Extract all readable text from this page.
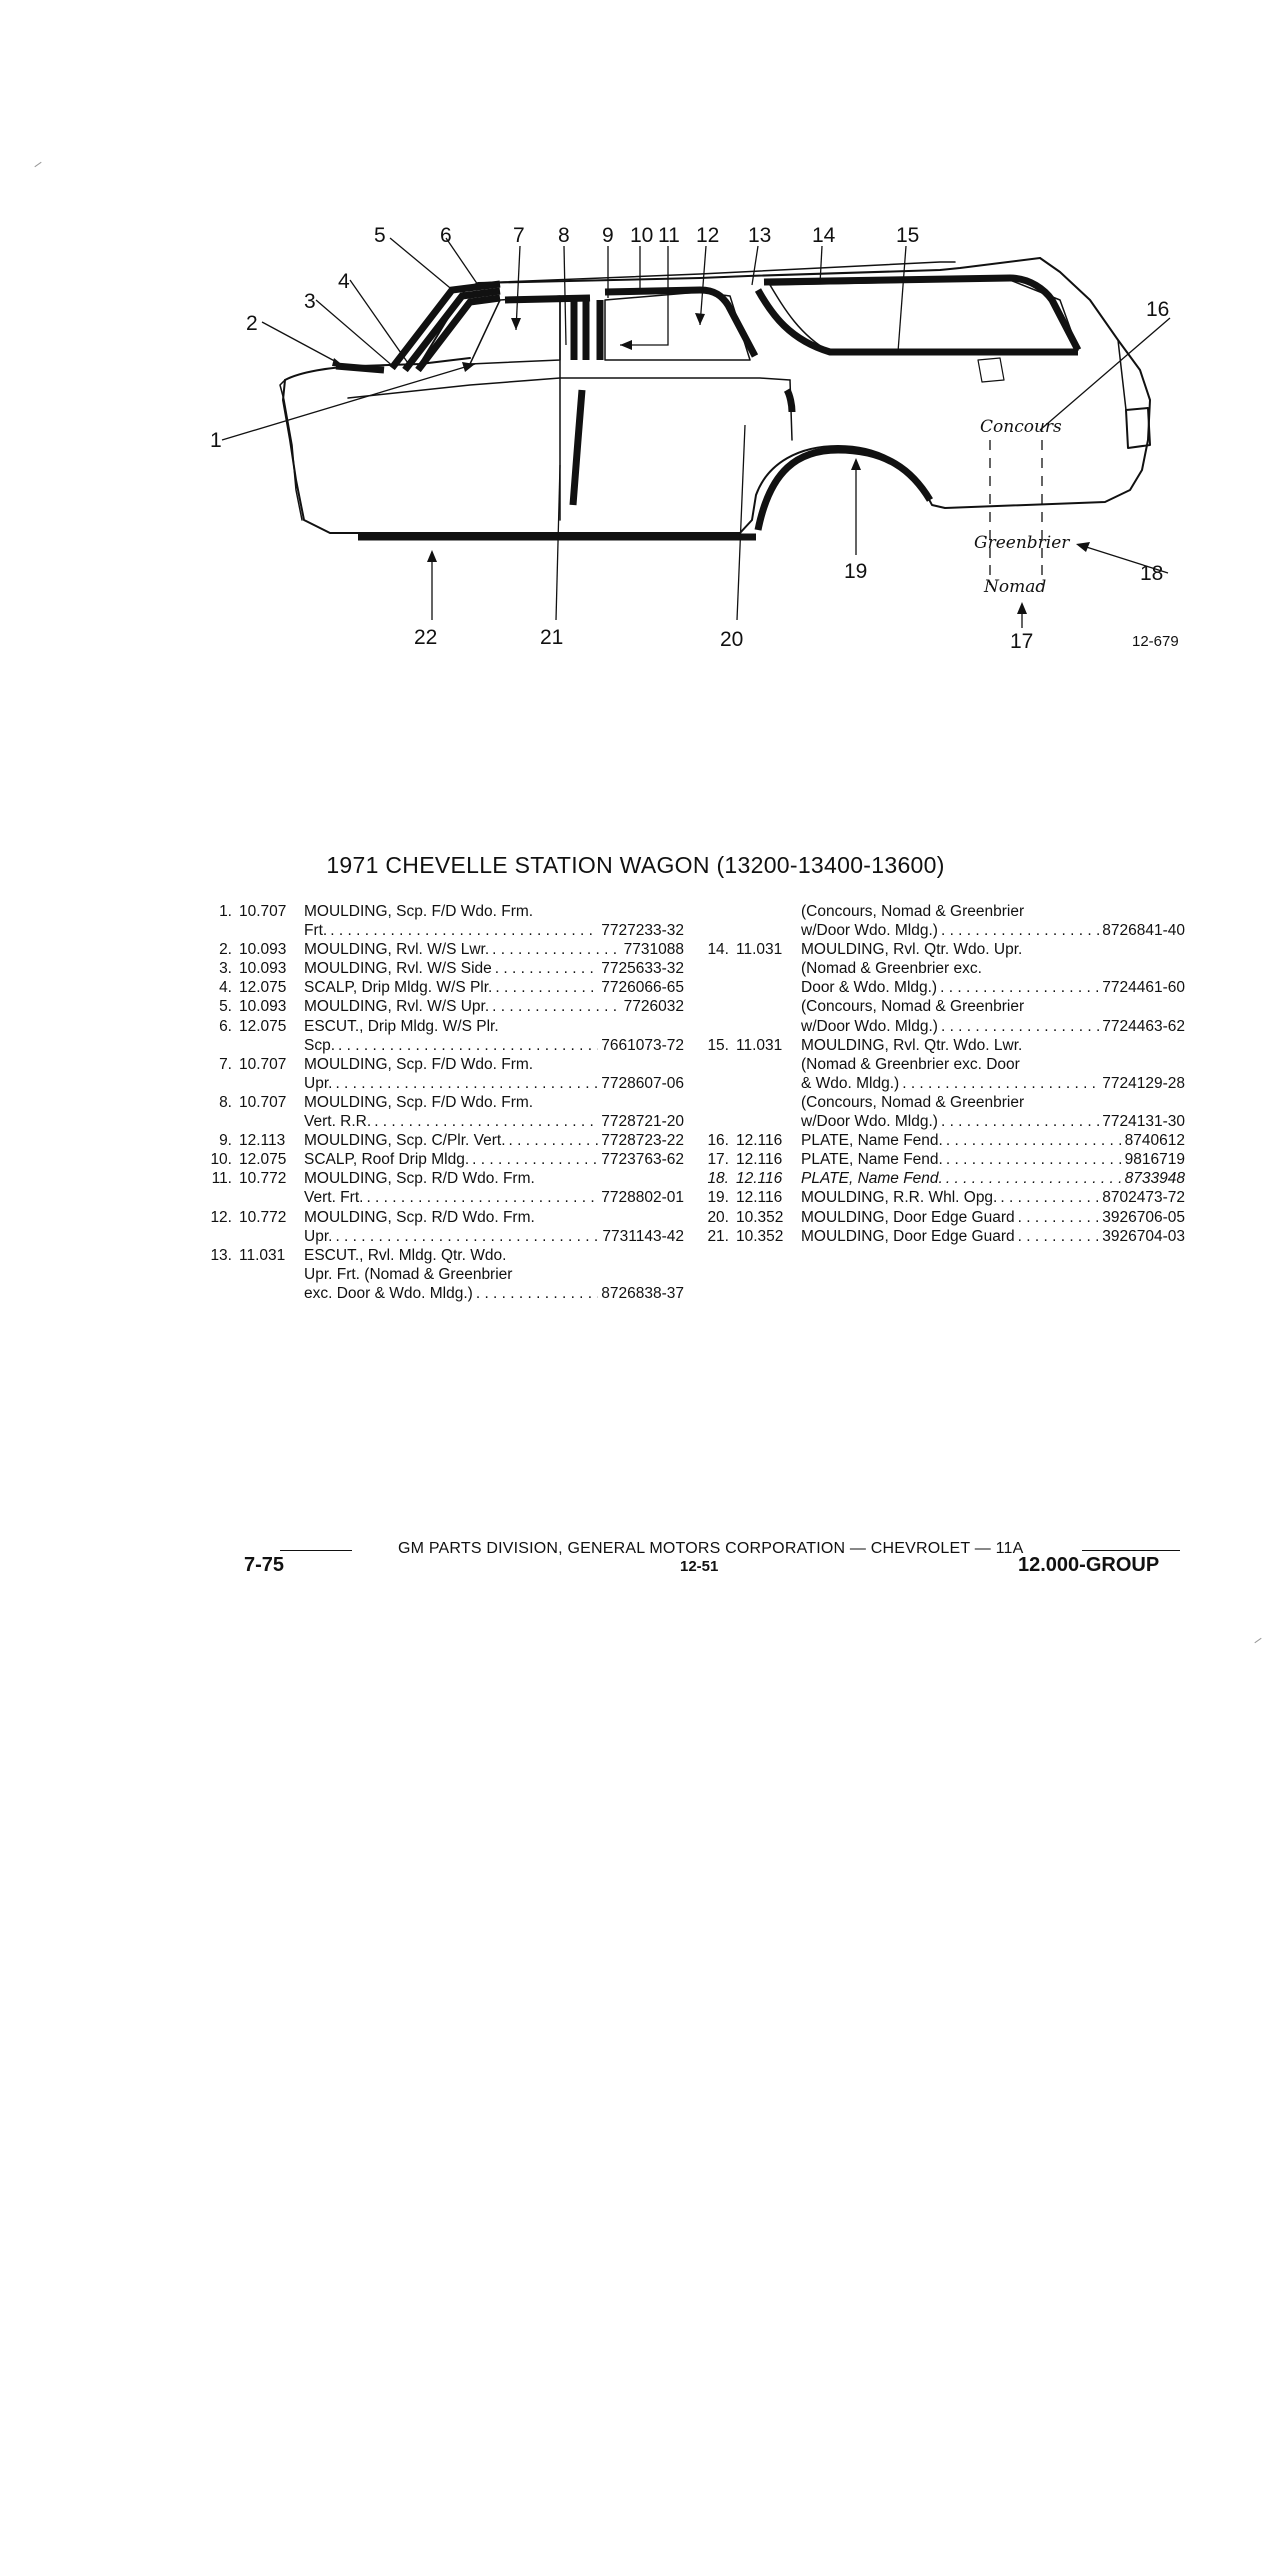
1
2
3
4
5	6	7 8 9 10 11 12 13 14	15
16
17
18
19
20
21
22	12-679
Concours
Greenbrier
Nomad
1971 CHEVELLE STATION WAGON (13200-13400-13600)
1. 10.707 MOULDING, Scp. F/D Wdo. Frm.
Frt. . . .	7727233-32
2. 10.093 MOULDING, Rvl. W/S Lwr. . . .	7731088
3. 10.093 MOULDING, Rvl. W/S Side . . .	7725633-32
4. 12.075 SCALP, Drip Mldg. W/S Plr. . . .	7726066-65
5. 10.093 MOULDING, Rvl. W/S Upr. . . .	7726032
6. 12.075 ESCUT., Drip Mldg. W/S Plr.
Scp. . . .	7661073-72
7. 10.707 MOULDING, Scp. F/D Wdo. Frm.
Upr. . . .	7728607-06
8. 10.707 MOULDING, Scp. F/D Wdo. Frm.
Vert. R.R. . . .	7728721-20
9. 12.113 MOULDING, Scp. C/Plr. Vert. . . .	7728723-22
10. 12.075 SCALP, Roof Drip Mldg. . . .	7723763-62
11. 10.772 MOULDING, Scp. R/D Wdo. Frm.
Vert. Frt. . . .	7728802-01
12. 10.772 MOULDING, Scp. R/D Wdo. Frm.
Upr. . . .	7731143-42
13. 11.031 ESCUT., Rvl. Mldg. Qtr. Wdo.
Upr. Frt. (Nomad & Greenbrier
exc. Door & Wdo. Mldg.) . . .	8726838-37
(Concours, Nomad & Greenbrier
w/Door Wdo. Mldg.) . . .	8726841-40
14. 11.031 MOULDING, Rvl. Qtr. Wdo. Upr.
(Nomad & Greenbrier exc.
Door & Wdo. Mldg.) . . .	7724461-60
(Concours, Nomad & Greenbrier
w/Door Wdo. Mldg.) . . .	7724463-62
15. 11.031 MOULDING, Rvl. Qtr. Wdo. Lwr.
(Nomad & Greenbrier exc. Door
& Wdo. Mldg.) . . .	7724129-28
(Concours, Nomad & Greenbrier
w/Door Wdo. Mldg.) . . .	7724131-30
16. 12.116 PLATE, Name Fend. . . .	8740612
17. 12.116 PLATE, Name Fend. . . .	9816719
18. 12.116 PLATE, Name Fend. . . .	8733948
19. 12.116 MOULDING, R.R. Whl. Opg. . . .	8702473-72
20. 10.352 MOULDING, Door Edge Guard . . .	3926706-05
21. 10.352 MOULDING, Door Edge Guard . . .	3926704-03
GM PARTS DIVISION, GENERAL MOTORS CORPORATION — CHEVROLET — 11A
7-75	12-51	12.000-GROUP
